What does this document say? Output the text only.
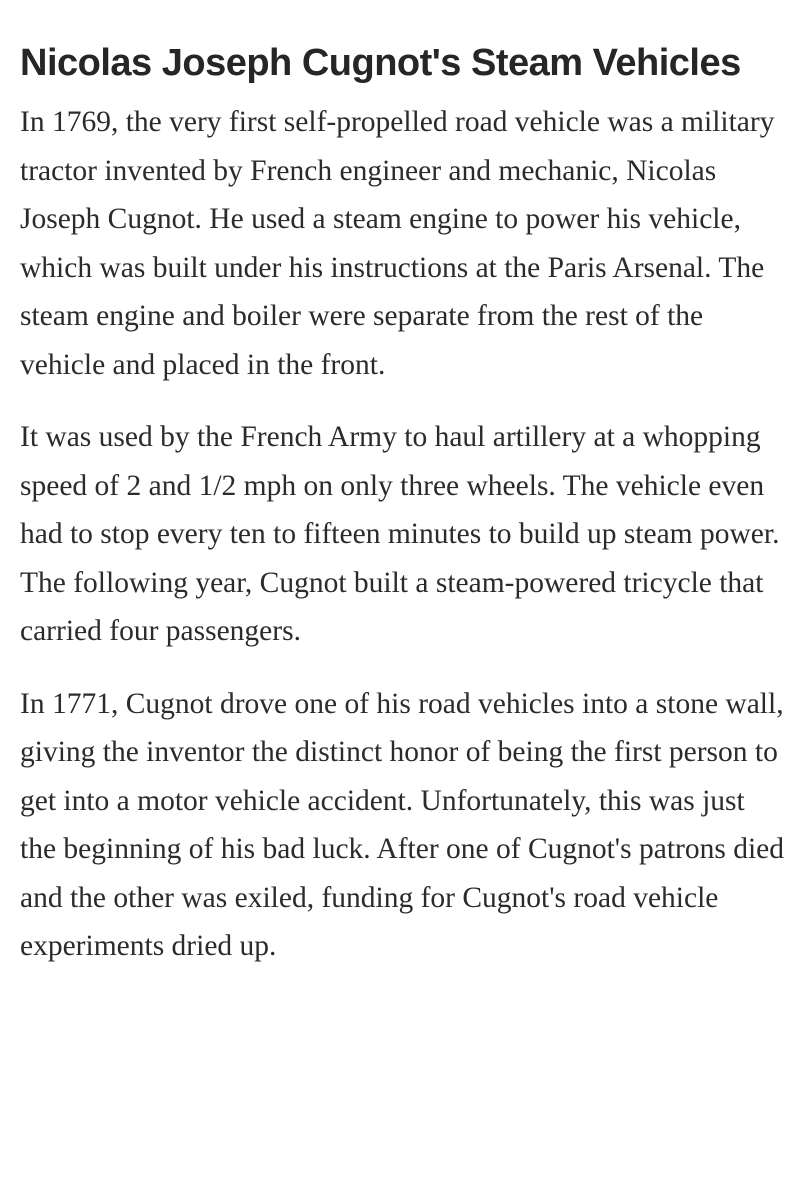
Nicolas Joseph Cugnot's Steam Vehicles

In 1769, the very first self-propelled road vehicle was a military tractor invented by French engineer and mechanic, Nicolas Joseph Cugnot. He used a steam engine to power his vehicle, which was built under his instructions at the Paris Arsenal. The steam engine and boiler were separate from the rest of the vehicle and placed in the front.

It was used by the French Army to haul artillery at a whopping speed of 2 and 1/2 mph on only three wheels. The vehicle even had to stop every ten to fifteen minutes to build up steam power. The following year, Cugnot built a steam-powered tricycle that carried four passengers.

In 1771, Cugnot drove one of his road vehicles into a stone wall, giving the inventor the distinct honor of being the first person to get into a motor vehicle accident. Unfortunately, this was just the beginning of his bad luck. After one of Cugnot's patrons died and the other was exiled, funding for Cugnot's road vehicle experiments dried up.
